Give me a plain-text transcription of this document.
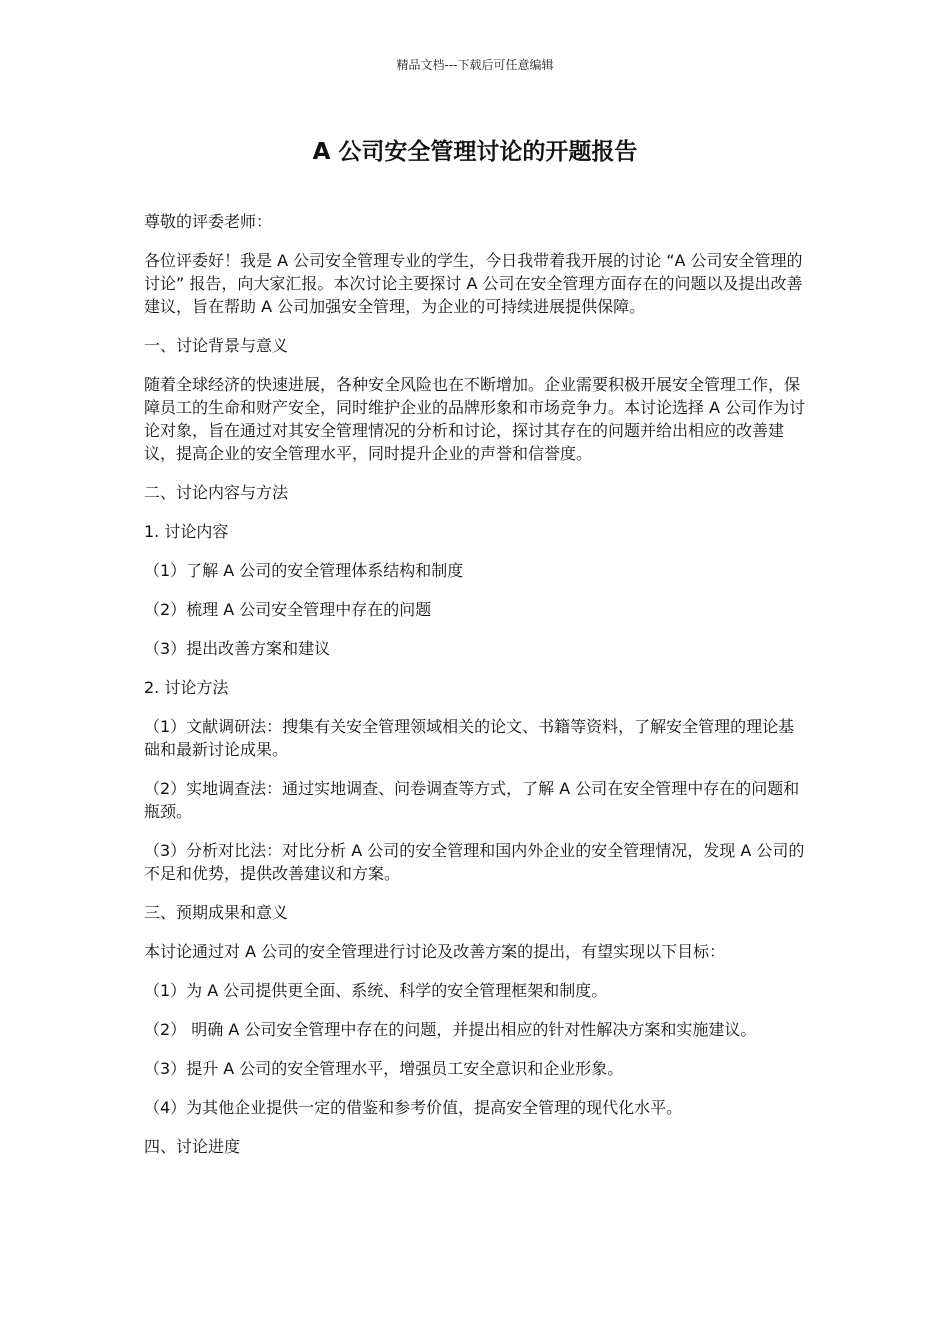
精品文档---下载后可任意编辑
A 公司安全管理讨论的开题报告

尊敬的评委老师：

各位评委好！我是 A 公司安全管理专业的学生，今日我带着我开展的讨论 “A 公司安全管理的讨论” 报告，向大家汇报。本次讨论主要探讨 A 公司在安全管理方面存在的问题以及提出改善建议，旨在帮助 A 公司加强安全管理，为企业的可持续进展提供保障。

一、讨论背景与意义

随着全球经济的快速进展，各种安全风险也在不断增加。企业需要积极开展安全管理工作，保障员工的生命和财产安全，同时维护企业的品牌形象和市场竞争力。本讨论选择 A 公司作为讨论对象，旨在通过对其安全管理情况的分析和讨论，探讨其存在的问题并给出相应的改善建议，提高企业的安全管理水平，同时提升企业的声誉和信誉度。

二、讨论内容与方法

1. 讨论内容

（1）了解 A 公司的安全管理体系结构和制度

（2）梳理 A 公司安全管理中存在的问题

（3）提出改善方案和建议

2. 讨论方法

（1）文献调研法：搜集有关安全管理领域相关的论文、书籍等资料，了解安全管理的理论基础和最新讨论成果。

（2）实地调查法：通过实地调查、问卷调查等方式，了解 A 公司在安全管理中存在的问题和瓶颈。

（3）分析对比法：对比分析 A 公司的安全管理和国内外企业的安全管理情况，发现 A 公司的不足和优势，提供改善建议和方案。

三、预期成果和意义

本讨论通过对 A 公司的安全管理进行讨论及改善方案的提出，有望实现以下目标：

（1）为 A 公司提供更全面、系统、科学的安全管理框架和制度。

（2） 明确 A 公司安全管理中存在的问题，并提出相应的针对性解决方案和实施建议。

（3）提升 A 公司的安全管理水平，增强员工安全意识和企业形象。

（4）为其他企业提供一定的借鉴和参考价值，提高安全管理的现代化水平。

四、讨论进度
